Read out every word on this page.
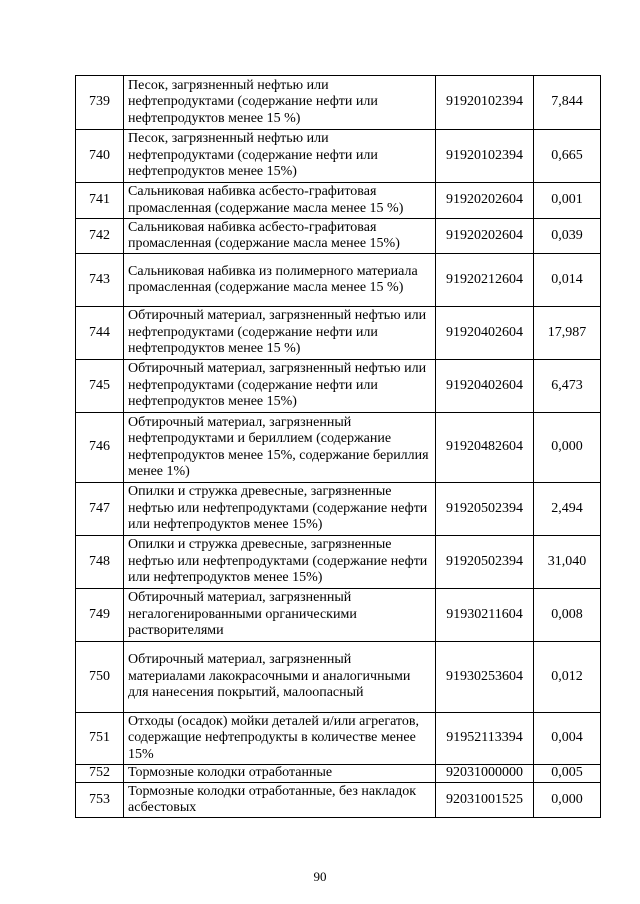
739	Песок, загрязненный нефтью или нефтепродуктами (содержание нефти или нефтепродуктов менее 15 %)	91920102394	7,844
740	Песок, загрязненный нефтью или нефтепродуктами (содержание нефти или нефтепродуктов менее 15%)	91920102394	0,665
741	Сальниковая набивка асбесто-графитовая промасленная (содержание масла менее 15 %)	91920202604	0,001
742	Сальниковая набивка асбесто-графитовая промасленная (содержание масла менее 15%)	91920202604	0,039
743	Сальниковая набивка из полимерного материала промасленная (содержание масла менее 15 %)	91920212604	0,014
744	Обтирочный материал, загрязненный нефтью или нефтепродуктами (содержание нефти или нефтепродуктов менее 15 %)	91920402604	17,987
745	Обтирочный материал, загрязненный нефтью или нефтепродуктами (содержание нефти или нефтепродуктов менее 15%)	91920402604	6,473
746	Обтирочный материал, загрязненный нефтепродуктами и бериллием (содержание нефтепродуктов менее 15%, содержание бериллия менее 1%)	91920482604	0,000
747	Опилки и стружка древесные, загрязненные нефтью или нефтепродуктами (содержание нефти или нефтепродуктов менее 15%)	91920502394	2,494
748	Опилки и стружка древесные, загрязненные нефтью или нефтепродуктами (содержание нефти или нефтепродуктов менее 15%)	91920502394	31,040
749	Обтирочный материал, загрязненный негалогенированными органическими растворителями	91930211604	0,008
750	Обтирочный материал, загрязненный материалами лакокрасочными и аналогичными для нанесения покрытий, малоопасный	91930253604	0,012
751	Отходы (осадок) мойки деталей и/или агрегатов, содержащие нефтепродукты в количестве менее 15%	91952113394	0,004
752	Тормозные колодки отработанные	92031000000	0,005
753	Тормозные колодки отработанные, без накладок асбестовых	92031001525	0,000
90
